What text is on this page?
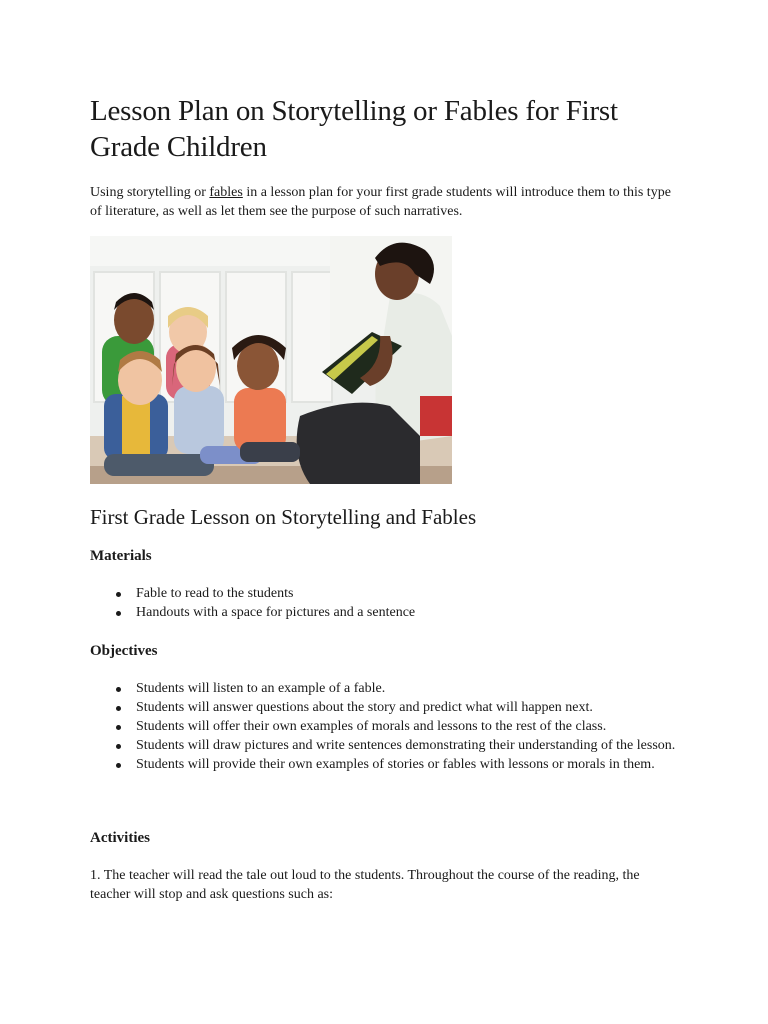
Lesson Plan on Storytelling or Fables for First Grade Children

Using storytelling or fables in a lesson plan for your first grade students will introduce them to this type of literature, as well as let them see the purpose of such narratives.

First Grade Lesson on Storytelling and Fables
Materials
Fable to read to the students
Handouts with a space for pictures and a sentence
Objectives
Students will listen to an example of a fable.
Students will answer questions about the story and predict what will happen next.
Students will offer their own examples of morals and lessons to the rest of the class.
Students will draw pictures and write sentences demonstrating their understanding of the lesson.
Students will provide their own examples of stories or fables with lessons or morals in them.
Activities

1. The teacher will read the tale out loud to the students. Throughout the course of the reading, the teacher will stop and ask questions such as:
